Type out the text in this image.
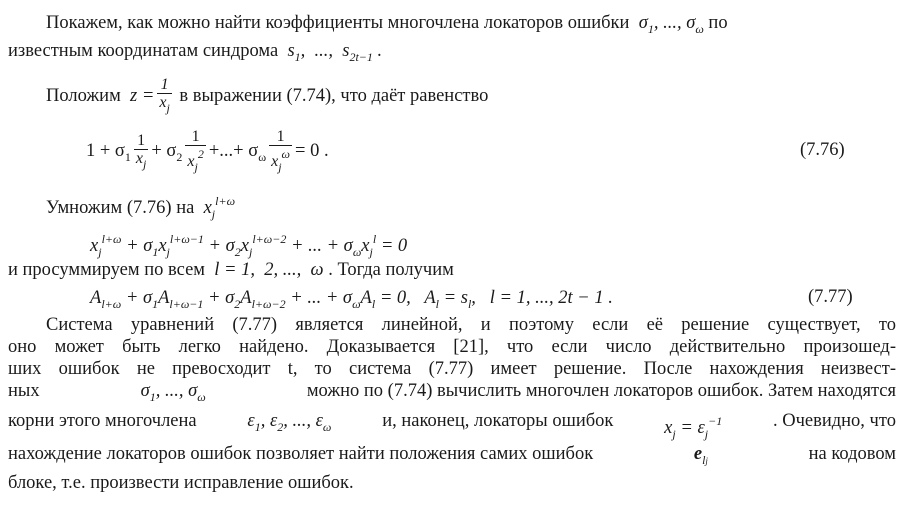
Покажем, как можно найти коэффициенты многочлена локаторов ошибки  $\sigma_1$, ..., $\sigma_\omega$ по
известным координатам синдрома  $s_1$,  ...,  $s_{2t-1}$ .
Положим  $z = \frac{1}{x_j}$ в выражении (7.74), что даёт равенство
$1 + \sigma_1 \frac{1}{x_j} + \sigma_2 \frac{1}{x_j^2}$ +...+ $\sigma_\omega \frac{1}{x_j^\omega} = 0$ .	(7.76)
Умножим (7.76) на  $x_j^{l+\omega}$
$x_j^{l+\omega} + \sigma_1x_j^{l+\omega-1} + \sigma_2x_j^{l+\omega-2}$ + ... + $\sigma_\omega x_j^l = 0$
и просуммируем по всем  l = 1,  2, ...,  ω . Тогда получим
$A_{l+\omega} + \sigma_1A_{l+\omega-1} + \sigma_2A_{l+\omega-2}$ + ... + $\sigma_\omega A_l = 0$,   $A_l = s_l$,   l = 1, ..., 2t − 1 .	(7.77)
Система уравнений (7.77) является линейной, и поэтому если её решение существует, то
оно может быть легко найдено. Доказывается [21], что если число действительно произошед-
ших ошибок не превосходит t, то система (7.77) имеет решение. После нахождения неизвест-
ных	$\sigma_1$, ..., $\sigma_\omega$	можно по (7.74) вычислить многочлен локаторов ошибок. Затем находятся
корни этого многочлена	$\varepsilon_1$, $\varepsilon_2$, ..., $\varepsilon_\omega$	и, наконец, локаторы ошибок	$x_j = \varepsilon_j^{-1}$	. Очевидно, что
нахождение локаторов ошибок позволяет найти положения самих ошибок	$e_{lj}$	на кодовом
блоке, т.е. произвести исправление ошибок.
